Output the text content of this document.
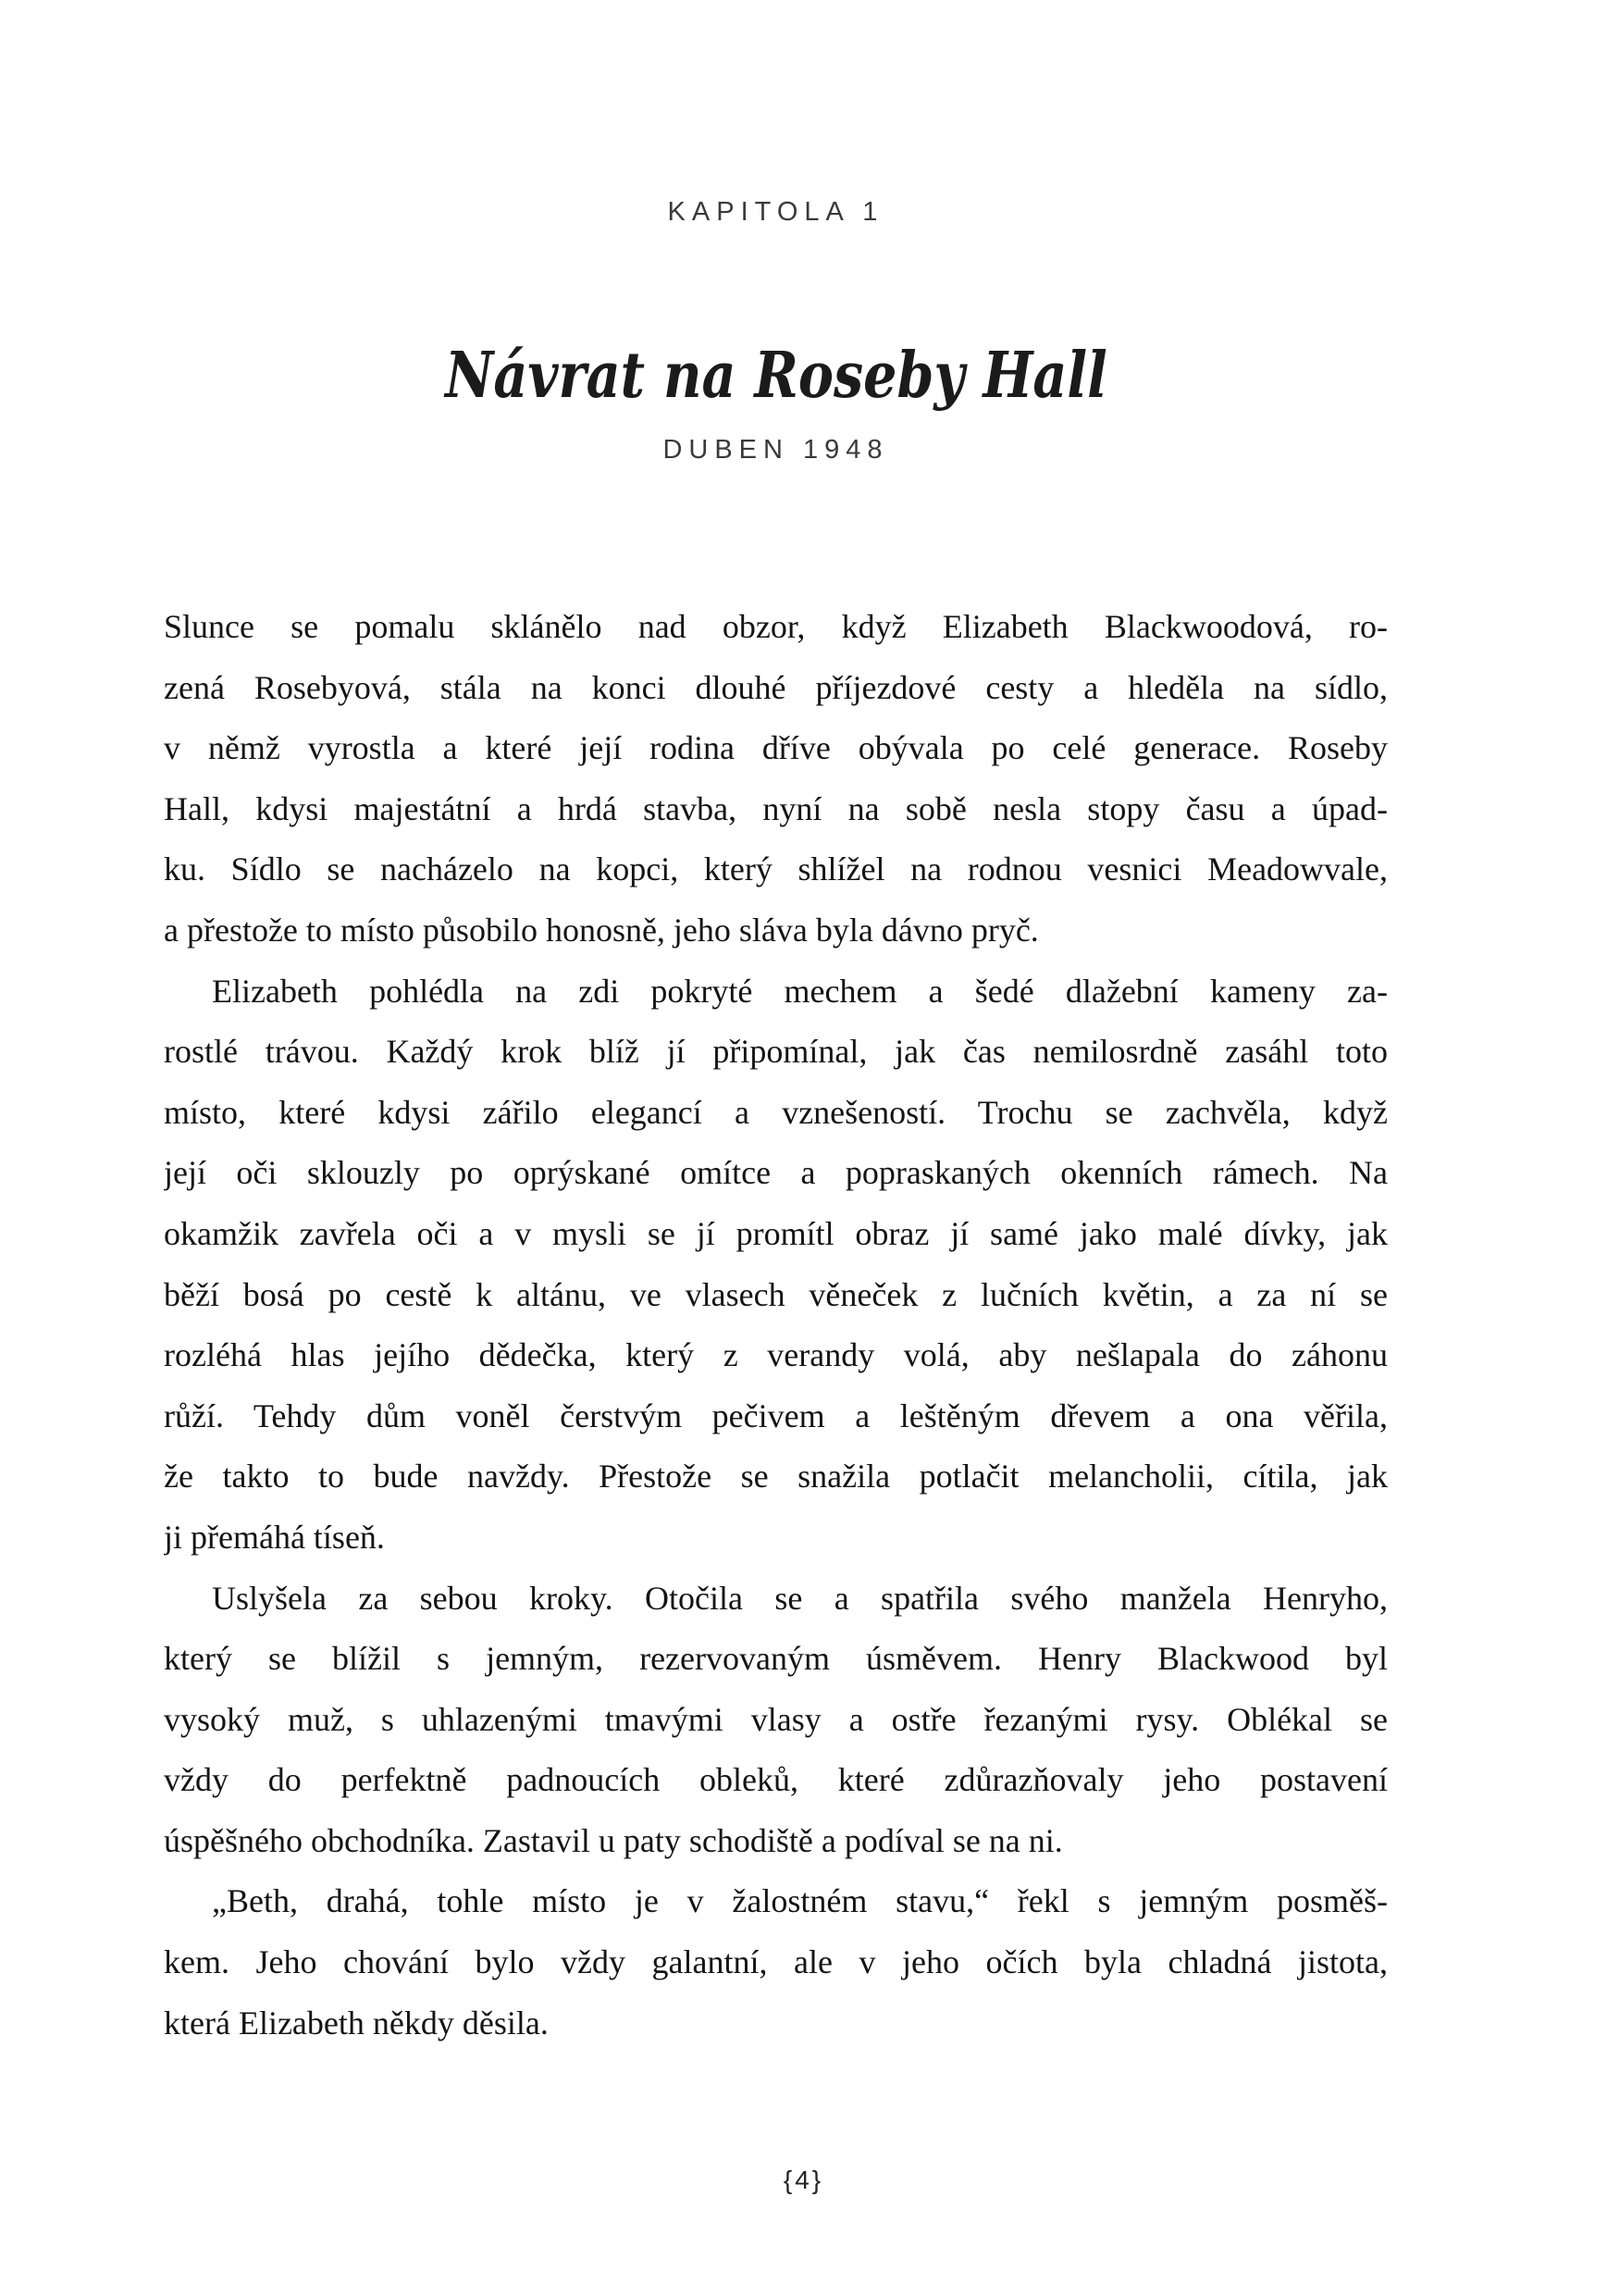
KAPITOLA 1
Návrat na Roseby Hall
DUBEN 1948
Slunce se pomalu sklánělo nad obzor, když Elizabeth Blackwoodová, ro-
zená Rosebyová, stála na konci dlouhé příjezdové cesty a hleděla na sídlo,
v němž vyrostla a které její rodina dříve obývala po celé generace. Roseby
Hall, kdysi majestátní a hrdá stavba, nyní na sobě nesla stopy času a úpad-
ku. Sídlo se nacházelo na kopci, který shlížel na rodnou vesnici Meadowvale,
a přestože to místo působilo honosně, jeho sláva byla dávno pryč.
Elizabeth pohlédla na zdi pokryté mechem a šedé dlažební kameny za-
rostlé trávou. Každý krok blíž jí připomínal, jak čas nemilosrdně zasáhl toto
místo, které kdysi zářilo elegancí a vznešeností. Trochu se zachvěla, když
její oči sklouzly po oprýskané omítce a popraskaných okenních rámech. Na
okamžik zavřela oči a v mysli se jí promítl obraz jí samé jako malé dívky, jak
běží bosá po cestě k altánu, ve vlasech věneček z lučních květin, a za ní se
rozléhá hlas jejího dědečka, který z verandy volá, aby nešlapala do záhonu
růží. Tehdy dům voněl čerstvým pečivem a leštěným dřevem a ona věřila,
že takto to bude navždy. Přestože se snažila potlačit melancholii, cítila, jak
ji přemáhá tíseň.
Uslyšela za sebou kroky. Otočila se a spatřila svého manžela Henryho,
který se blížil s jemným, rezervovaným úsměvem. Henry Blackwood byl
vysoký muž, s uhlazenými tmavými vlasy a ostře řezanými rysy. Oblékal se
vždy do perfektně padnoucích obleků, které zdůrazňovaly jeho postavení
úspěšného obchodníka. Zastavil u paty schodiště a podíval se na ni.
„Beth, drahá, tohle místo je v žalostném stavu,“ řekl s jemným posměš-
kem. Jeho chování bylo vždy galantní, ale v jeho očích byla chladná jistota,
která Elizabeth někdy děsila.
{4}
